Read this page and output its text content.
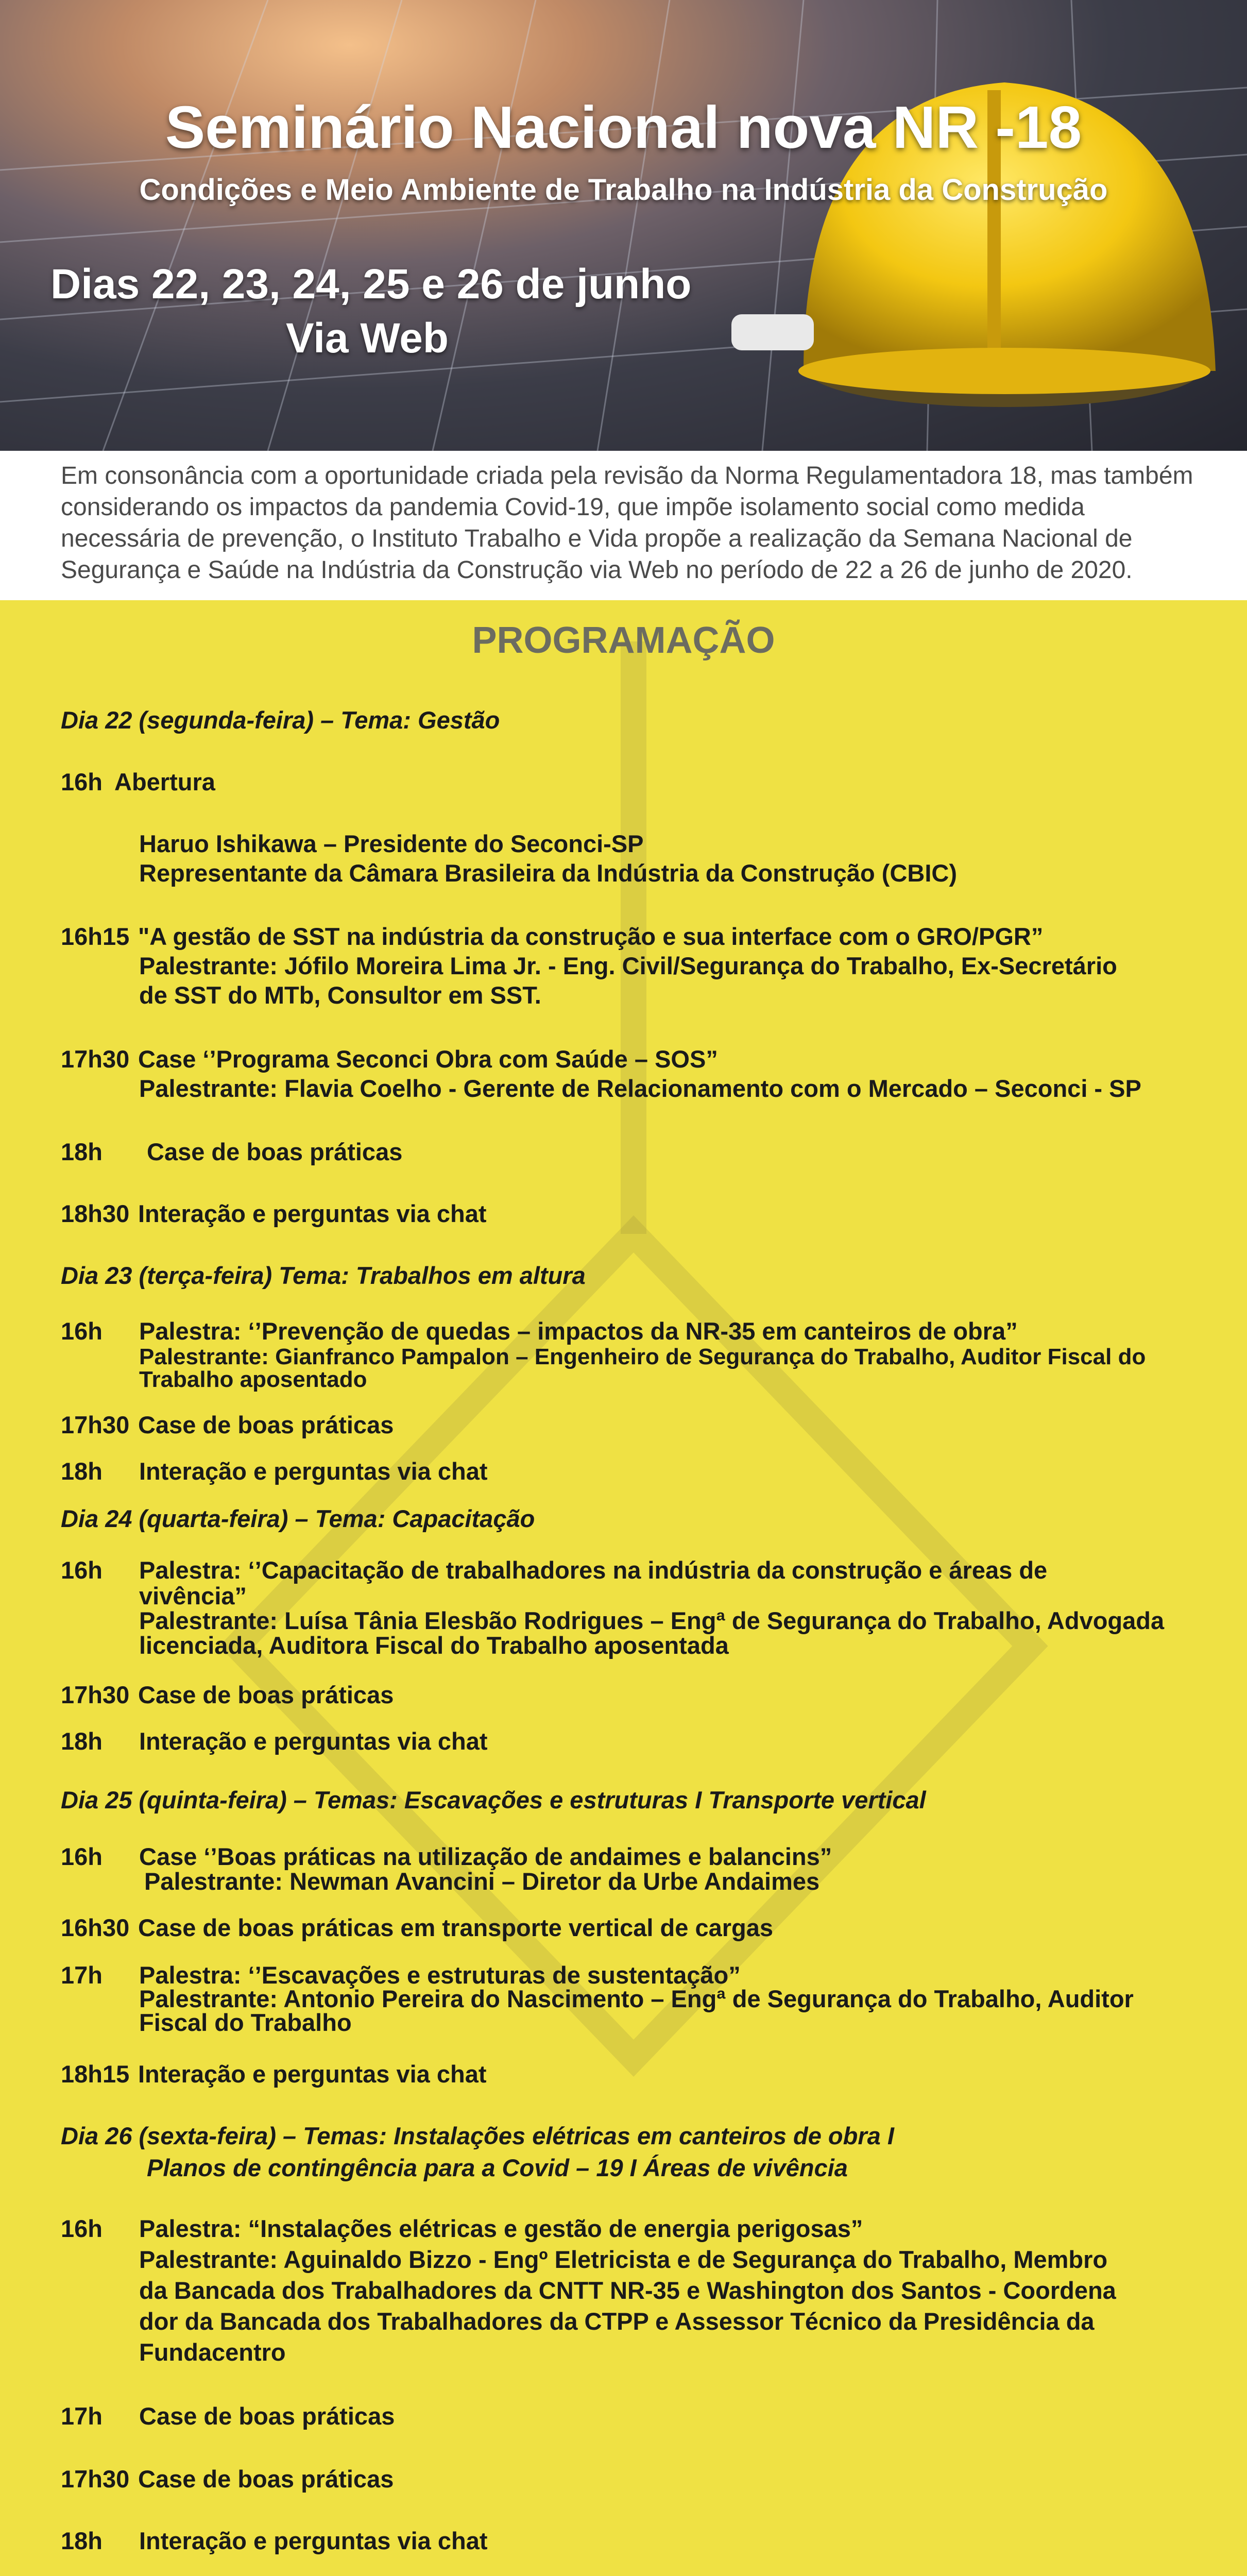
Seminário Nacional nova NR -18
Condições e Meio Ambiente de Trabalho na Indústria da Construção
Dias 22, 23, 24, 25 e 26 de junho
Via Web

Em consonância com a oportunidade criada pela revisão da Norma Regulamentadora 18, mas também considerando os impactos da pandemia Covid-19, que impõe isolamento social como medida necessária de prevenção, o Instituto Trabalho e Vida propõe a realização da Semana Nacional de Segurança e Saúde na Indústria da Construção via Web no período de 22 a 26 de junho de 2020.

PROGRAMAÇÃO
Dia 22 (segunda-feira) – Tema: Gestão
16h Abertura
Haruo Ishikawa – Presidente do Seconci-SP
Representante da Câmara Brasileira da Indústria da Construção (CBIC)
16h15 "A gestão de SST na indústria da construção e sua interface com o GRO/PGR”
Palestrante: Jófilo Moreira Lima Jr. - Eng. Civil/Segurança do Trabalho, Ex-Secretário
de SST do MTb, Consultor em SST.
17h30 Case ‘’Programa Seconci Obra com Saúde – SOS”
Palestrante: Flavia Coelho - Gerente de Relacionamento com o Mercado – Seconci - SP
18h Case de boas práticas
18h30 Interação e perguntas via chat
Dia 23 (terça-feira) Tema: Trabalhos em altura
16h Palestra: ‘’Prevenção de quedas – impactos da NR-35 em canteiros de obra”
Palestrante: Gianfranco Pampalon – Engenheiro de Segurança do Trabalho, Auditor Fiscal do
Trabalho aposentado
17h30 Case de boas práticas
18h Interação e perguntas via chat
Dia 24 (quarta-feira) – Tema: Capacitação
16h Palestra: ‘’Capacitação de trabalhadores na indústria da construção e áreas de
vivência”
Palestrante: Luísa Tânia Elesbão Rodrigues – Engª de Segurança do Trabalho, Advogada
licenciada, Auditora Fiscal do Trabalho aposentada
17h30 Case de boas práticas
18h Interação e perguntas via chat
Dia 25 (quinta-feira) – Temas: Escavações e estruturas I Transporte vertical
16h Case ‘’Boas práticas na utilização de andaimes e balancins”
Palestrante: Newman Avancini – Diretor da Urbe Andaimes
16h30 Case de boas práticas em transporte vertical de cargas
17h Palestra: ‘’Escavações e estruturas de sustentação”
Palestrante: Antonio Pereira do Nascimento – Engª de Segurança do Trabalho, Auditor
Fiscal do Trabalho
18h15 Interação e perguntas via chat
Dia 26 (sexta-feira) – Temas: Instalações elétricas em canteiros de obra I
Planos de contingência para a Covid – 19 I Áreas de vivência
16h Palestra: “Instalações elétricas e gestão de energia perigosas”
Palestrante: Aguinaldo Bizzo - Engº Eletricista e de Segurança do Trabalho, Membro
da Bancada dos Trabalhadores da CNTT NR-35 e Washington dos Santos - Coordena
dor da Bancada dos Trabalhadores da CTPP e Assessor Técnico da Presidência da
Fundacentro
17h Case de boas práticas
17h30 Case de boas práticas
18h Interação e perguntas via chat
